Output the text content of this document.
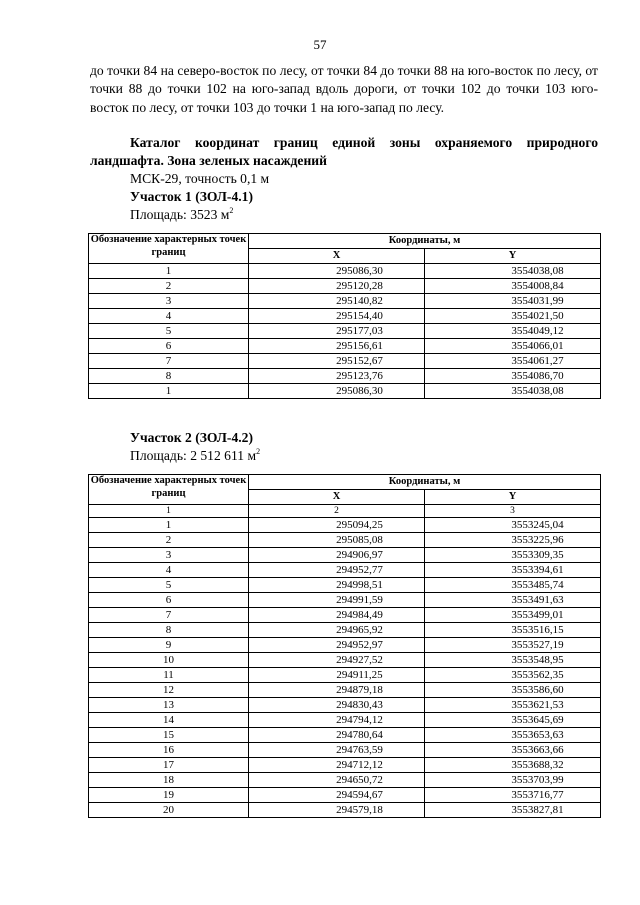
57

до точки 84 на северо-восток по лесу, от точки 84 до точки 88 на юго-восток по лесу, от точки 88 до точки 102 на юго-запад вдоль дороги, от точки 102 до точки 103 юго-восток по лесу, от точки 103 до точки 1 на юго-запад по лесу.

Каталог координат границ единой зоны охраняемого природного ландшафта. Зона зеленых насаждений

МСК-29, точность 0,1 м

Участок 1 (ЗОЛ-4.1)

Площадь: 3523 $м^2$

Обозначение характерных точек границ	Координаты, м	
	X	Y
1	295086,30	3554038,08
2	295120,28	3554008,84
3	295140,82	3554031,99
4	295154,40	3554021,50
5	295177,03	3554049,12
6	295156,61	3554066,01
7	295152,67	3554061,27
8	295123,76	3554086,70
1	295086,30	3554038,08

Участок 2 (ЗОЛ-4.2)

Площадь: 2 512 611 $м^2$

Обозначение характерных точек границ	Координаты, м	
	X	Y
1	2	3
1	295094,25	3553245,04
2	295085,08	3553225,96
3	294906,97	3553309,35
4	294952,77	3553394,61
5	294998,51	3553485,74
6	294991,59	3553491,63
7	294984,49	3553499,01
8	294965,92	3553516,15
9	294952,97	3553527,19
10	294927,52	3553548,95
11	294911,25	3553562,35
12	294879,18	3553586,60
13	294830,43	3553621,53
14	294794,12	3553645,69
15	294780,64	3553653,63
16	294763,59	3553663,66
17	294712,12	3553688,32
18	294650,72	3553703,99
19	294594,67	3553716,77
20	294579,18	3553827,81
